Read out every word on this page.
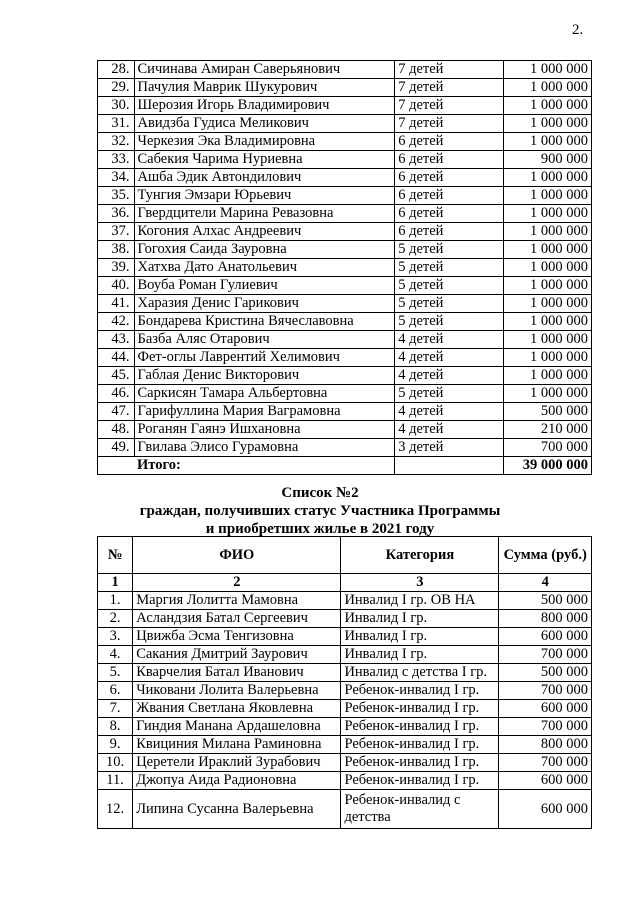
2.
28.	Сичинава Амиран Саверьянович	7 детей	1 000 000
29.	Пачулия Маврик Шукурович	7 детей	1 000 000
30.	Шерозия Игорь Владимирович	7 детей	1 000 000
31.	Авидзба Гудиса Меликович	7 детей	1 000 000
32.	Черкезия Эка Владимировна	6 детей	1 000 000
33.	Сабекия Чарима Нуриевна	6 детей	900 000
34.	Ашба Эдик Автондилович	6 детей	1 000 000
35.	Тунгия Эмзари Юрьевич	6 детей	1 000 000
36.	Гвердцители Марина Ревазовна	6 детей	1 000 000
37.	Когония Алхас Андреевич	6 детей	1 000 000
38.	Гогохия Саида Зауровна	5 детей	1 000 000
39.	Хатхва Дато Анатольевич	5 детей	1 000 000
40.	Воуба Роман Гулиевич	5 детей	1 000 000
41.	Харазия Денис Гарикович	5 детей	1 000 000
42.	Бондарева Кристина Вячеславовна	5 детей	1 000 000
43.	Базба Аляс Отарович	4 детей	1 000 000
44.	Фет-оглы Лаврентий Хелимович	4 детей	1 000 000
45.	Габлая Денис Викторович	4 детей	1 000 000
46.	Саркисян Тамара Альбертовна	5 детей	1 000 000
47.	Гарифуллина Мария Ваграмовна	4 детей	500 000
48.	Роганян Гаянэ Ишхановна	4 детей	210 000
49.	Гвилава Элисо Гурамовна	3 детей	700 000
	Итого:		39 000 000
Список №2
граждан, получивших статус Участника Программы
и приобретших жилье в 2021 году
№	ФИО	Категория	Сумма (руб.)
1	2	3	4
1.	Маргия Лолитта Мамовна	Инвалид I гр. ОВ НА	500 000
2.	Асландзия Батал Сергеевич	Инвалид I гр.	800 000
3.	Цвижба Эсма Тенгизовна	Инвалид I гр.	600 000
4.	Сакания Дмитрий Заурович	Инвалид I гр.	700 000
5.	Кварчелия Батал Иванович	Инвалид с детства I гр.	500 000
6.	Чиковани Лолита Валерьевна	Ребенок-инвалид I гр.	700 000
7.	Жвания Светлана Яковлевна	Ребенок-инвалид I гр.	600 000
8.	Гиндия Манана Ардашеловна	Ребенок-инвалид I гр.	700 000
9.	Квициния Милана Раминовна	Ребенок-инвалид I гр.	800 000
10.	Церетели Ираклий Зурабович	Ребенок-инвалид I гр.	700 000
11.	Джопуа Аида Радионовна	Ребенок-инвалид I гр.	600 000
12.	Липина Сусанна Валерьевна	Ребенок-инвалид с детства	600 000
